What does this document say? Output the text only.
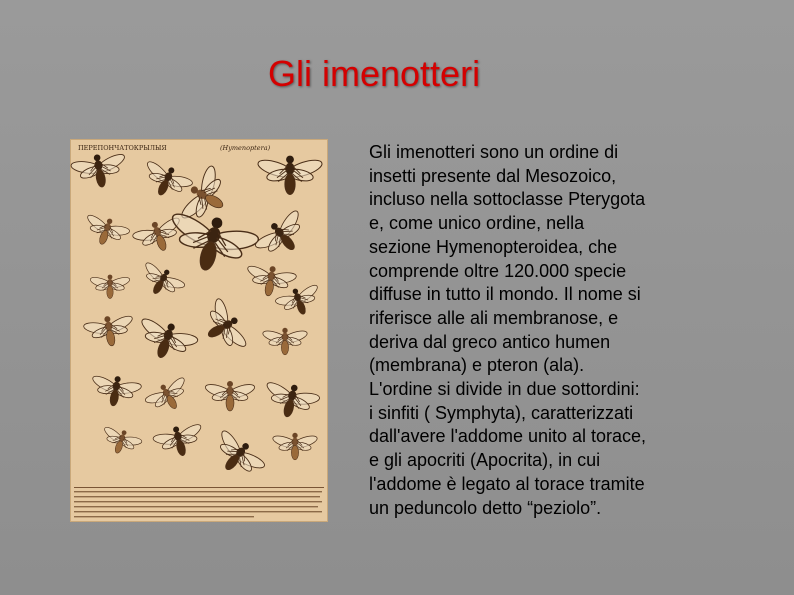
Gli imenotteri
ПЕРЕПОНЧАТОКРЫЛЫЯ	(Hymenoptera)	Gli imenotteri sono un ordine di

insetti presente dal Mesozoico,

incluso nella sottoclasse Pterygota

e, come unico ordine, nella

sezione Hymenopteroidea, che

comprende oltre 120.000 specie

diffuse in tutto il mondo. Il nome si

riferisce alle ali membranose, e

deriva dal greco antico humen

(membrana) e pteron (ala).

L'ordine si divide in due sottordini:

i sinfiti ( Symphyta), caratterizzati

dall'avere l'addome unito al torace,

e gli apocriti (Apocrita), in cui

l'addome è legato al torace tramite

un peduncolo detto “peziolo”.
